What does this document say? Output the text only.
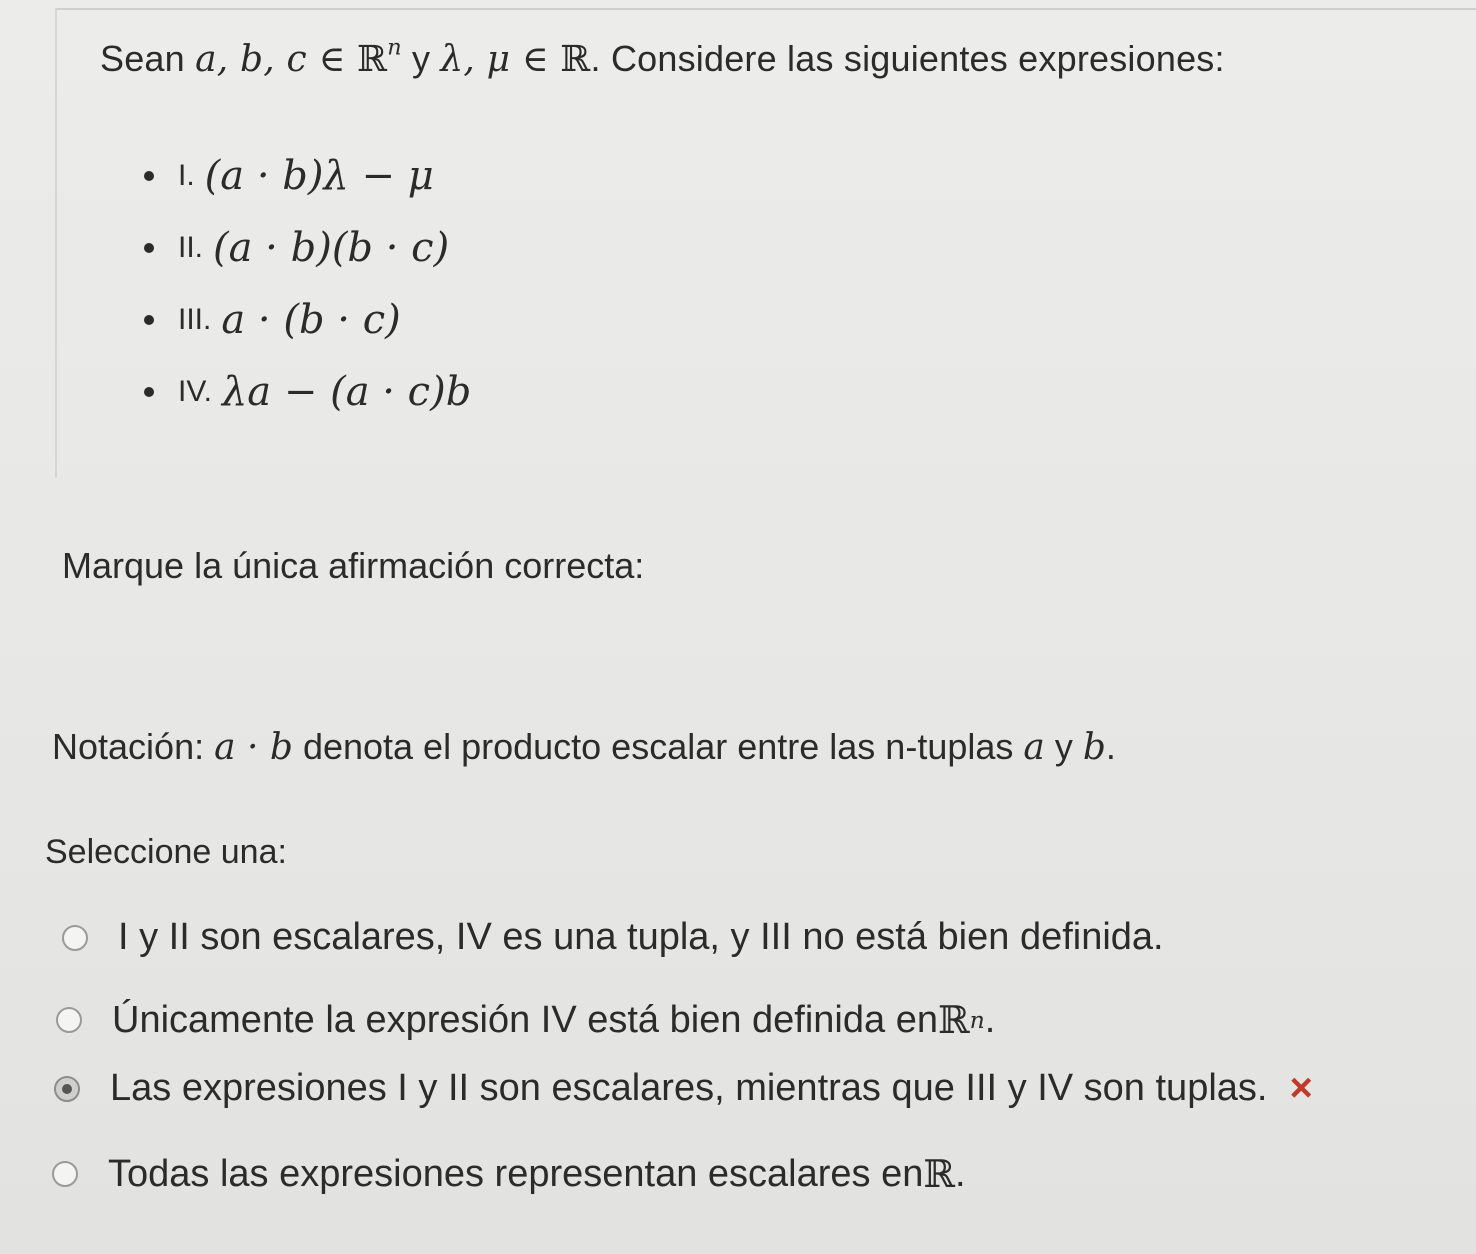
Sean a, b, c ∈ ℝ$^n$ y λ, μ ∈ ℝ. Considere las siguientes expresiones:
I. (a · b)λ − μ
II. (a · b)(b · c)
III. a · (b · c)
IV. λa − (a · c)b
Marque la única afirmación correcta:
Notación: a · b denota el producto escalar entre las n-tuplas a y b.
Seleccione una:
I y II son escalares, IV es una tupla, y III no está bien definida.
Únicamente la expresión IV está bien definida en ℝ n .
Las expresiones I y II son escalares, mientras que III y IV son tuplas. ×
Todas las expresiones representan escalares en ℝ .
